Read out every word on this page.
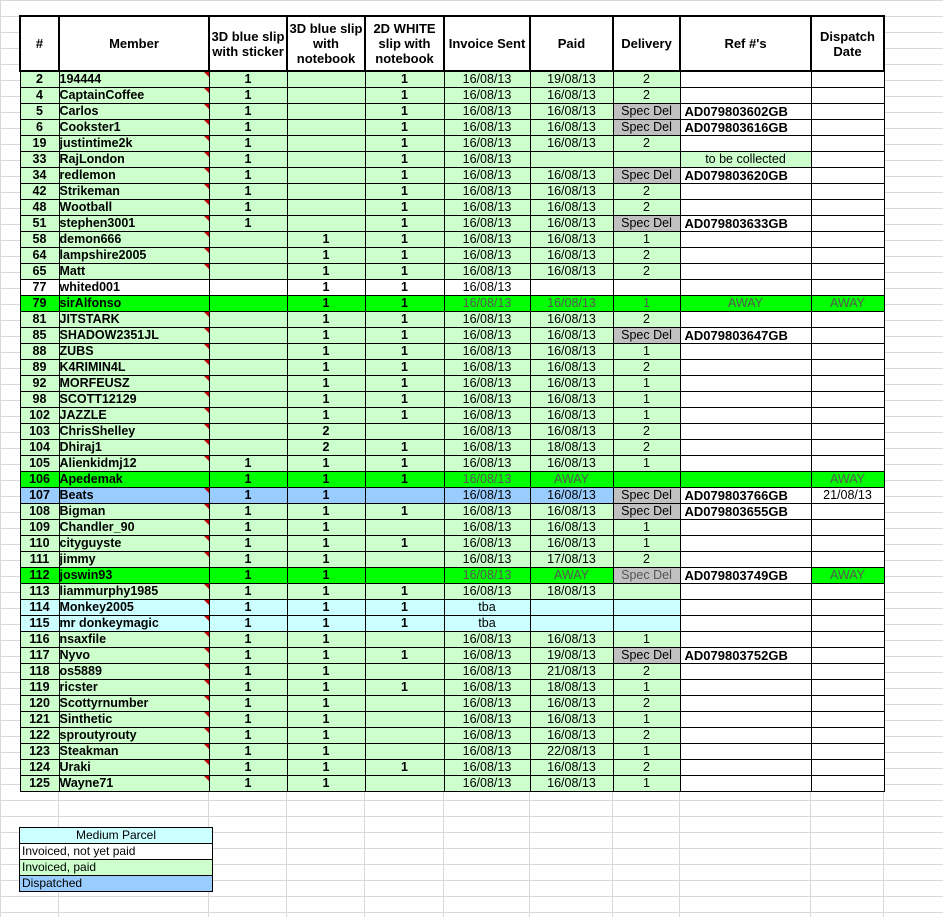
#	Member	3D blue slip with sticker	3D blue slip with notebook	2D WHITE slip with notebook	Invoice Sent	Paid	Delivery	Ref #'s	Dispatch Date
2	194444	1		1	16/08/13	19/08/13	2		
4	CaptainCoffee	1		1	16/08/13	16/08/13	2		
5	Carlos	1		1	16/08/13	16/08/13	Spec Del	AD079803602GB	
6	Cookster1	1		1	16/08/13	16/08/13	Spec Del	AD079803616GB	
19	justintime2k	1		1	16/08/13	16/08/13	2		
33	RajLondon	1		1	16/08/13			to be collected	
34	redlemon	1		1	16/08/13	16/08/13	Spec Del	AD079803620GB	
42	Strikeman	1		1	16/08/13	16/08/13	2		
48	Wootball	1		1	16/08/13	16/08/13	2		
51	stephen3001	1		1	16/08/13	16/08/13	Spec Del	AD079803633GB	
58	demon666		1	1	16/08/13	16/08/13	1		
64	lampshire2005		1	1	16/08/13	16/08/13	2		
65	Matt		1	1	16/08/13	16/08/13	2		
77	whited001		1	1	16/08/13				
79	sirAlfonso		1	1	16/08/13	16/08/13	1	AWAY	AWAY
81	JITSTARK		1	1	16/08/13	16/08/13	2		
85	SHADOW2351JL		1	1	16/08/13	16/08/13	Spec Del	AD079803647GB	
88	ZUBS		1	1	16/08/13	16/08/13	1		
89	K4RIMIN4L		1	1	16/08/13	16/08/13	2		
92	MORFEUSZ		1	1	16/08/13	16/08/13	1		
98	SCOTT12129		1	1	16/08/13	16/08/13	1		
102	JAZZLE		1	1	16/08/13	16/08/13	1		
103	ChrisShelley		2		16/08/13	16/08/13	2		
104	Dhiraj1		2	1	16/08/13	18/08/13	2		
105	Alienkidmj12	1	1	1	16/08/13	16/08/13	1		
106	Apedemak	1	1	1	16/08/13	AWAY			AWAY
107	Beats	1	1		16/08/13	16/08/13	Spec Del	AD079803766GB	21/08/13
108	Bigman	1	1	1	16/08/13	16/08/13	Spec Del	AD079803655GB	
109	Chandler_90	1	1		16/08/13	16/08/13	1		
110	cityguyste	1	1	1	16/08/13	16/08/13	1		
111	jimmy	1	1		16/08/13	17/08/13	2		
112	joswin93	1	1		16/08/13	AWAY	Spec Del	AD079803749GB	AWAY
113	liammurphy1985	1	1	1	16/08/13	18/08/13			
114	Monkey2005	1	1	1	tba				
115	mr donkeymagic	1	1	1	tba				
116	nsaxfile	1	1		16/08/13	16/08/13	1		
117	Nyvo	1	1	1	16/08/13	19/08/13	Spec Del	AD079803752GB	
118	os5889	1	1		16/08/13	21/08/13	2		
119	ricster	1	1	1	16/08/13	18/08/13	1		
120	Scottyrnumber	1	1		16/08/13	16/08/13	2		
121	Sinthetic	1	1		16/08/13	16/08/13	1		
122	sproutyrouty	1	1		16/08/13	16/08/13	2		
123	Steakman	1	1		16/08/13	22/08/13	1		
124	Uraki	1	1	1	16/08/13	16/08/13	2		
125	Wayne71	1	1		16/08/13	16/08/13	1		
Medium Parcel
Invoiced, not yet paid
Invoiced, paid
Dispatched
